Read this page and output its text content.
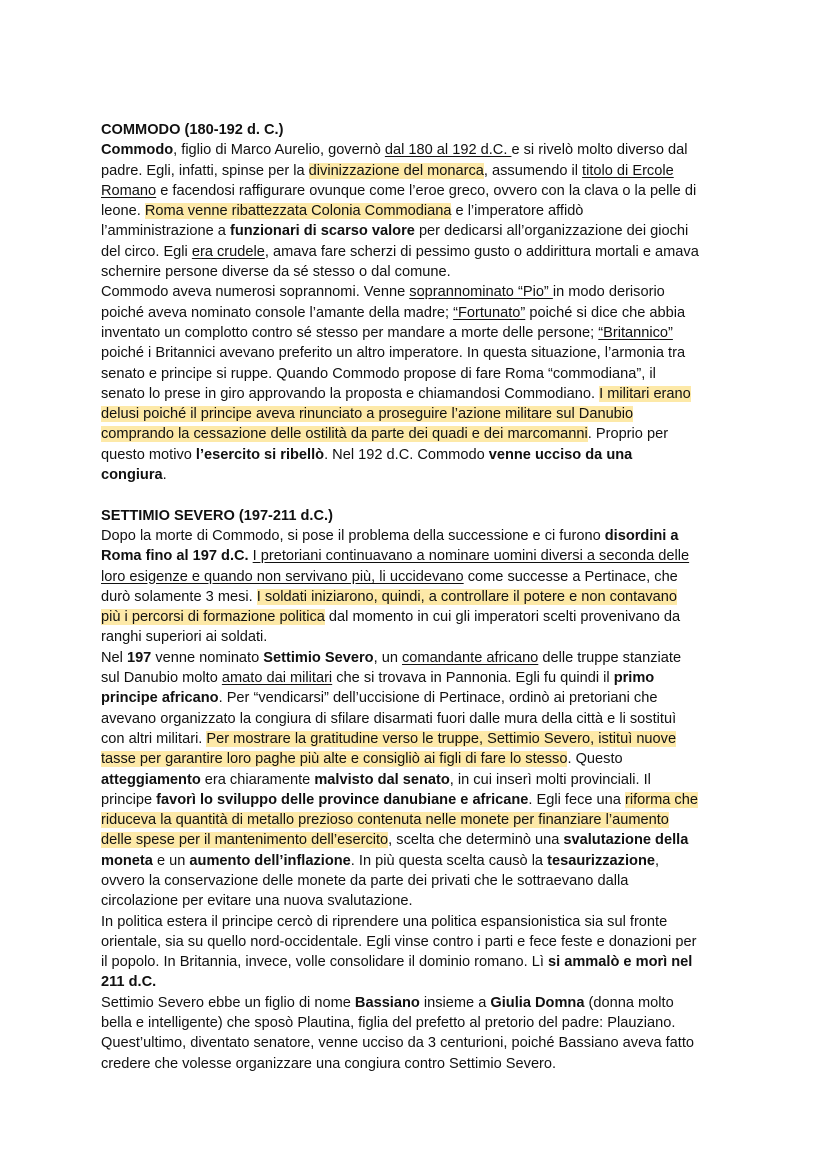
COMMODO (180-192 d. C.)
Commodo, figlio di Marco Aurelio, governò dal 180 al 192 d.C. e si rivelò molto diverso dal
padre. Egli, infatti, spinse per la divinizzazione del monarca, assumendo il titolo di Ercole
Romano e facendosi raffigurare ovunque come l’eroe greco, ovvero con la clava o la pelle di
leone. Roma venne ribattezzata Colonia Commodiana e l’imperatore affidò
l’amministrazione a funzionari di scarso valore per dedicarsi all’organizzazione dei giochi
del circo. Egli era crudele, amava fare scherzi di pessimo gusto o addirittura mortali e amava
schernire persone diverse da sé stesso o dal comune.
Commodo aveva numerosi soprannomi. Venne soprannominato “Pio” in modo derisorio
poiché aveva nominato console l’amante della madre; “Fortunato” poiché si dice che abbia
inventato un complotto contro sé stesso per mandare a morte delle persone; “Britannico”
poiché i Britannici avevano preferito un altro imperatore. In questa situazione, l’armonia tra
senato e principe si ruppe. Quando Commodo propose di fare Roma “commodiana”, il
senato lo prese in giro approvando la proposta e chiamandosi Commodiano. I militari erano
delusi poiché il principe aveva rinunciato a proseguire l’azione militare sul Danubio
comprando la cessazione delle ostilità da parte dei quadi e dei marcomanni. Proprio per
questo motivo l’esercito si ribellò. Nel 192 d.C. Commodo venne ucciso da una
congiura.
SETTIMIO SEVERO (197-211 d.C.)
Dopo la morte di Commodo, si pose il problema della successione e ci furono disordini a
Roma fino al 197 d.C. I pretoriani continuavano a nominare uomini diversi a seconda delle
loro esigenze e quando non servivano più, li uccidevano come successe a Pertinace, che
durò solamente 3 mesi. I soldati iniziarono, quindi, a controllare il potere e non contavano
più i percorsi di formazione politica dal momento in cui gli imperatori scelti provenivano da
ranghi superiori ai soldati.
Nel 197 venne nominato Settimio Severo, un comandante africano delle truppe stanziate
sul Danubio molto amato dai militari che si trovava in Pannonia. Egli fu quindi il primo
principe africano. Per “vendicarsi” dell’uccisione di Pertinace, ordinò ai pretoriani che
avevano organizzato la congiura di sfilare disarmati fuori dalle mura della città e li sostituì
con altri militari. Per mostrare la gratitudine verso le truppe, Settimio Severo, istituì nuove
tasse per garantire loro paghe più alte e consigliò ai figli di fare lo stesso. Questo
atteggiamento era chiaramente malvisto dal senato, in cui inserì molti provinciali. Il
principe favorì lo sviluppo delle province danubiane e africane. Egli fece una riforma che
riduceva la quantità di metallo prezioso contenuta nelle monete per finanziare l’aumento
delle spese per il mantenimento dell’esercito, scelta che determinò una svalutazione della
moneta e un aumento dell’inflazione. In più questa scelta causò la tesaurizzazione,
ovvero la conservazione delle monete da parte dei privati che le sottraevano dalla
circolazione per evitare una nuova svalutazione.
In politica estera il principe cercò di riprendere una politica espansionistica sia sul fronte
orientale, sia su quello nord-occidentale. Egli vinse contro i parti e fece feste e donazioni per
il popolo. In Britannia, invece, volle consolidare il dominio romano. Lì si ammalò e morì nel
211 d.C.
Settimio Severo ebbe un figlio di nome Bassiano insieme a Giulia Domna (donna molto
bella e intelligente) che sposò Plautina, figlia del prefetto al pretorio del padre: Plauziano.
Quest’ultimo, diventato senatore, venne ucciso da 3 centurioni, poiché Bassiano aveva fatto
credere che volesse organizzare una congiura contro Settimio Severo.
